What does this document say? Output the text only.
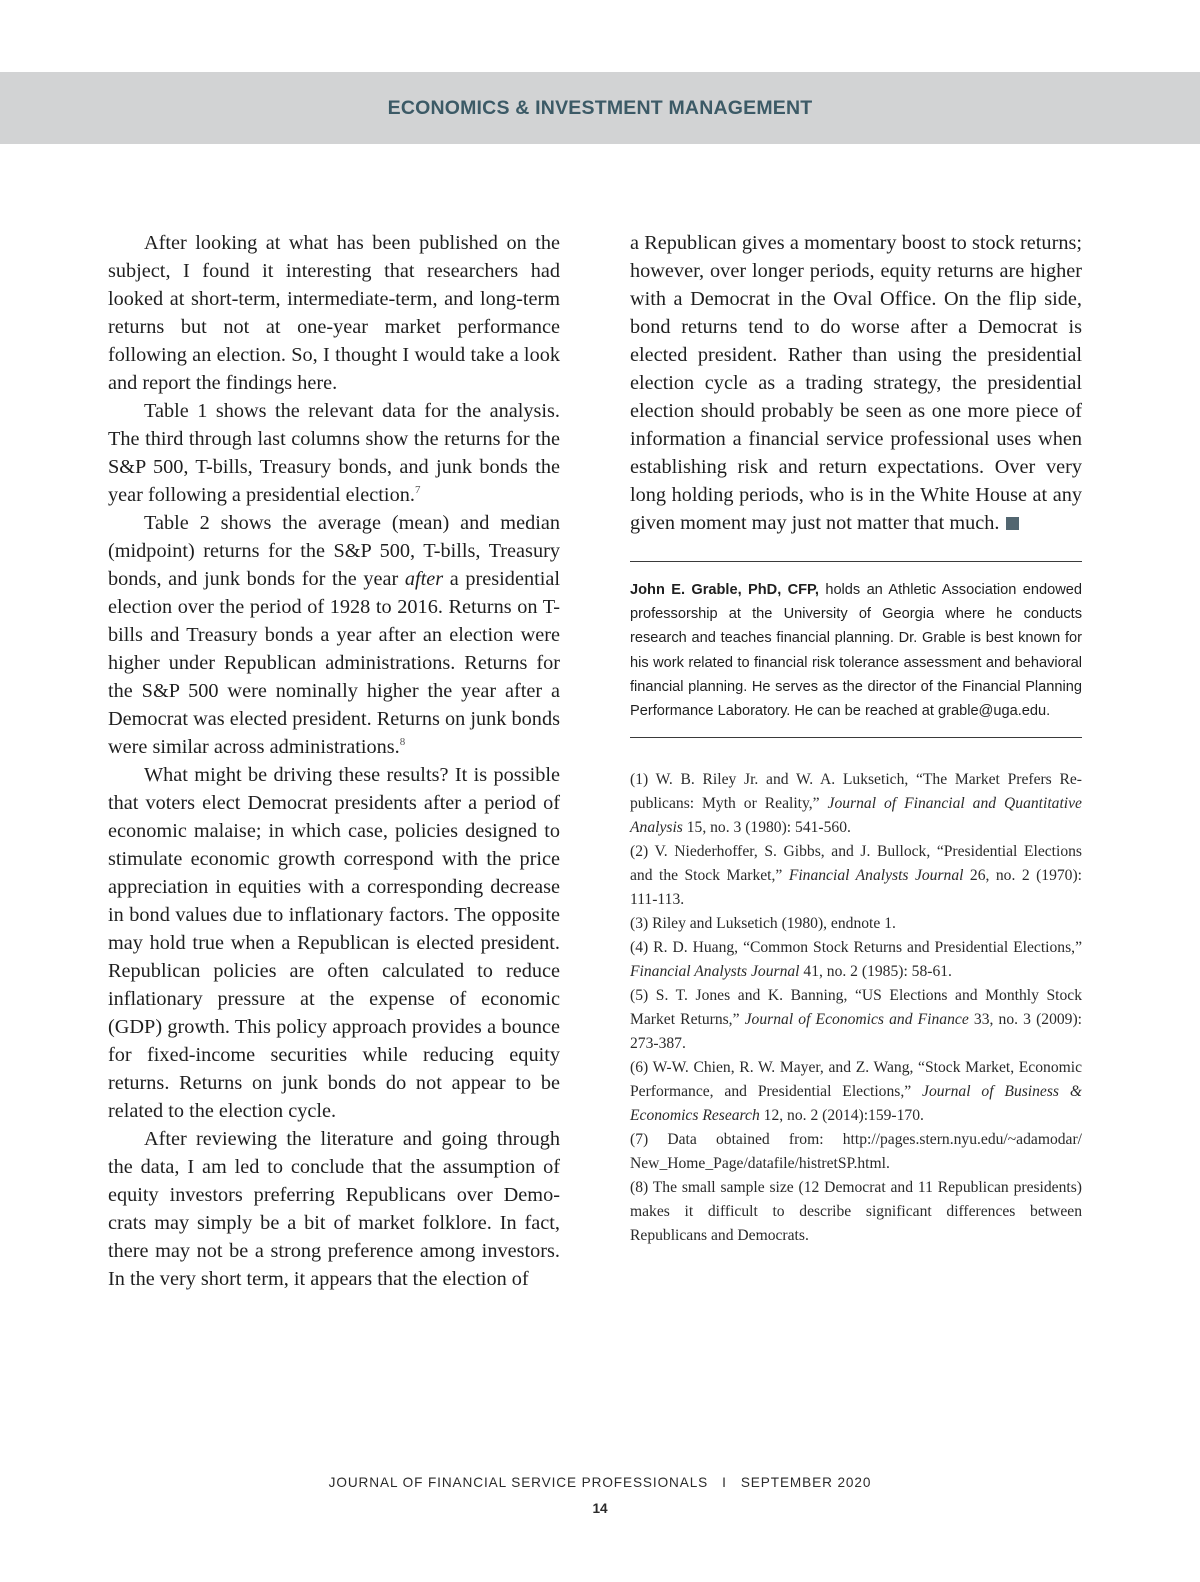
ECONOMICS & INVESTMENT MANAGEMENT

After looking at what has been published on the subject, I found it interesting that researchers had looked at short-term, intermediate-term, and long-term returns but not at one-year market performance following an election. So, I thought I would take a look and report the findings here.

Table 1 shows the relevant data for the analysis. The third through last columns show the returns for the S&P 500, T-bills, Treasury bonds, and junk bonds the year following a presidential election.$^7$

Table 2 shows the average (mean) and median (midpoint) returns for the S&P 500, T-bills, Treasury bonds, and junk bonds for the year after a presidential election over the period of 1928 to 2016. Returns on T-bills and Treasury bonds a year after an election were higher under Republican administrations. Returns for the S&P 500 were nominally higher the year after a Democrat was elected president. Returns on junk bonds were similar across administrations.$^8$

What might be driving these results? It is possible that voters elect Democrat presidents after a period of economic malaise; in which case, policies designed to stimulate economic growth correspond with the price appreciation in equities with a corresponding decrease in bond values due to inflationary factors. The opposite may hold true when a Republican is elected president. Republican policies are often calculated to reduce inflationary pressure at the expense of economic (GDP) growth. This policy approach provides a bounce for fixed-income securities while reducing equity returns. Returns on junk bonds do not appear to be related to the election cycle.

After reviewing the literature and going through the data, I am led to conclude that the assumption of equity investors preferring Republicans over Democrats may simply be a bit of market folklore. In fact, there may not be a strong preference among investors. In the very short term, it appears that the election of

a Republican gives a momentary boost to stock returns; however, over longer periods, equity returns are higher with a Democrat in the Oval Office. On the flip side, bond returns tend to do worse after a Democrat is elected president. Rather than using the presidential election cycle as a trading strategy, the presidential election should probably be seen as one more piece of information a financial service professional uses when establishing risk and return expectations. Over very long holding periods, who is in the White House at any given moment may just not matter that much.

John E. Grable, PhD, CFP, holds an Athletic Association endowed professorship at the University of Georgia where he conducts research and teaches financial planning. Dr. Grable is best known for his work related to financial risk tolerance assessment and behavioral financial planning. He serves as the director of the Financial Planning Performance Laboratory. He can be reached at grable@uga.edu.

(1) W. B. Riley Jr. and W. A. Luksetich, “The Market Prefers Republicans: Myth or Reality,” Journal of Financial and Quantitative Analysis 15, no. 3 (1980): 541-560.

(2) V. Niederhoffer, S. Gibbs, and J. Bullock, “Presidential Elections and the Stock Market,” Financial Analysts Journal 26, no. 2 (1970): 111-113.

(3) Riley and Luksetich (1980), endnote 1.

(4) R. D. Huang, “Common Stock Returns and Presidential Elections,” Financial Analysts Journal 41, no. 2 (1985): 58-61.

(5) S. T. Jones and K. Banning, “US Elections and Monthly Stock Market Returns,” Journal of Economics and Finance 33, no. 3 (2009): 273-387.

(6) W-W. Chien, R. W. Mayer, and Z. Wang, “Stock Market, Economic Performance, and Presidential Elections,” Journal of Business & Economics Research 12, no. 2 (2014):159-170.

(7) Data obtained from: http://pages.stern.nyu.edu/~adamodar/ New_Home_Page/datafile/histretSP.html.

(8) The small sample size (12 Democrat and 11 Republican presidents) makes it difficult to describe significant differences between Republicans and Democrats.

JOURNAL OF FINANCIAL SERVICE PROFESSIONALS I SEPTEMBER 2020
14
